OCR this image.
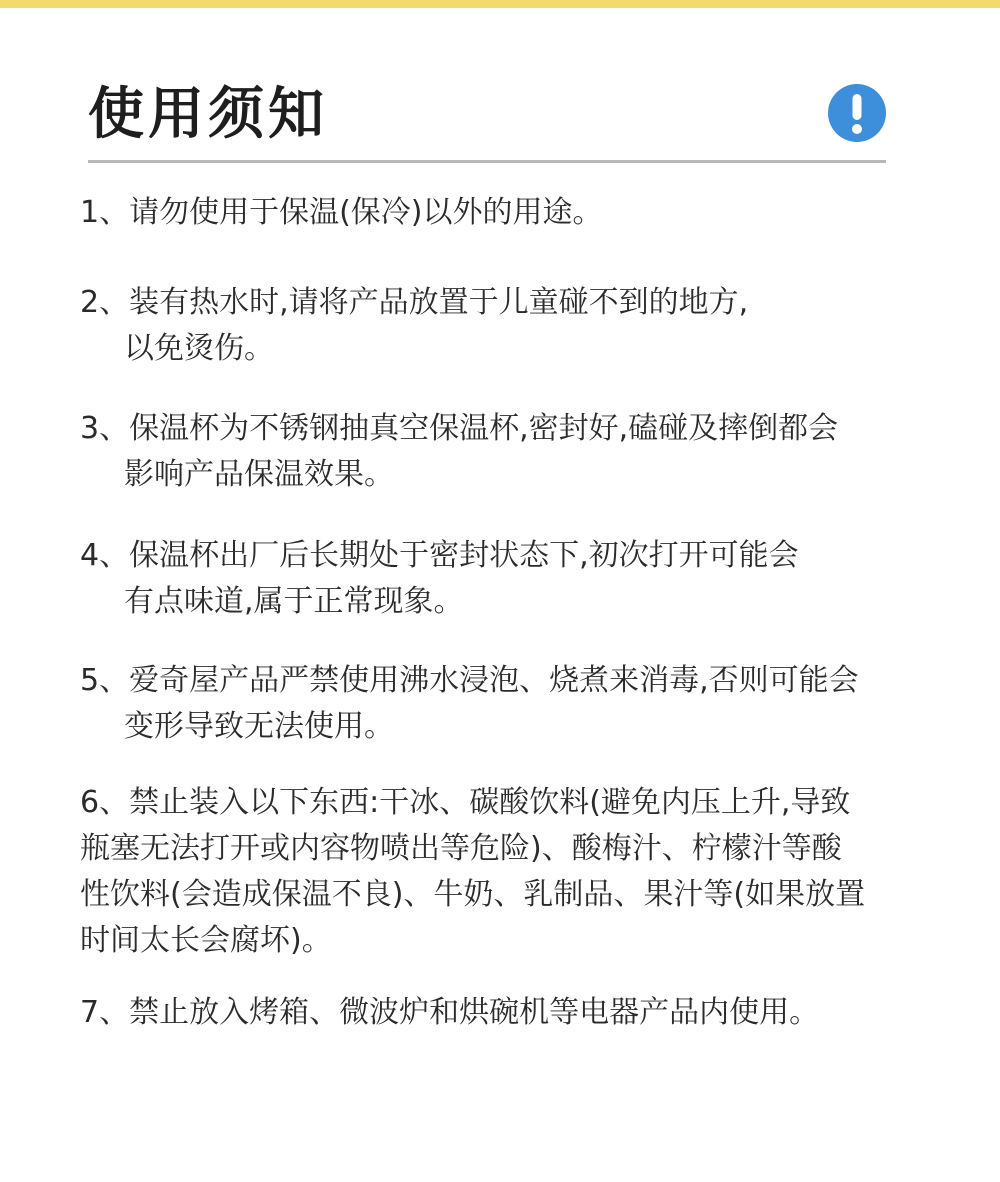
使用须知
1、请勿使用于保温(保冷)以外的用途。
2、装有热水时,请将产品放置于儿童碰不到的地方,
以免烫伤。
3、保温杯为不锈钢抽真空保温杯,密封好,磕碰及摔倒都会
影响产品保温效果。
4、保温杯出厂后长期处于密封状态下,初次打开可能会
有点味道,属于正常现象。
5、爱奇屋产品严禁使用沸水浸泡、烧煮来消毒,否则可能会
变形导致无法使用。
6、禁止装入以下东西:干冰、碳酸饮料(避免内压上升,导致
瓶塞无法打开或内容物喷出等危险)、酸梅汁、柠檬汁等酸
性饮料(会造成保温不良)、牛奶、乳制品、果汁等(如果放置
时间太长会腐坏)。
7、禁止放入烤箱、微波炉和烘碗机等电器产品内使用。
